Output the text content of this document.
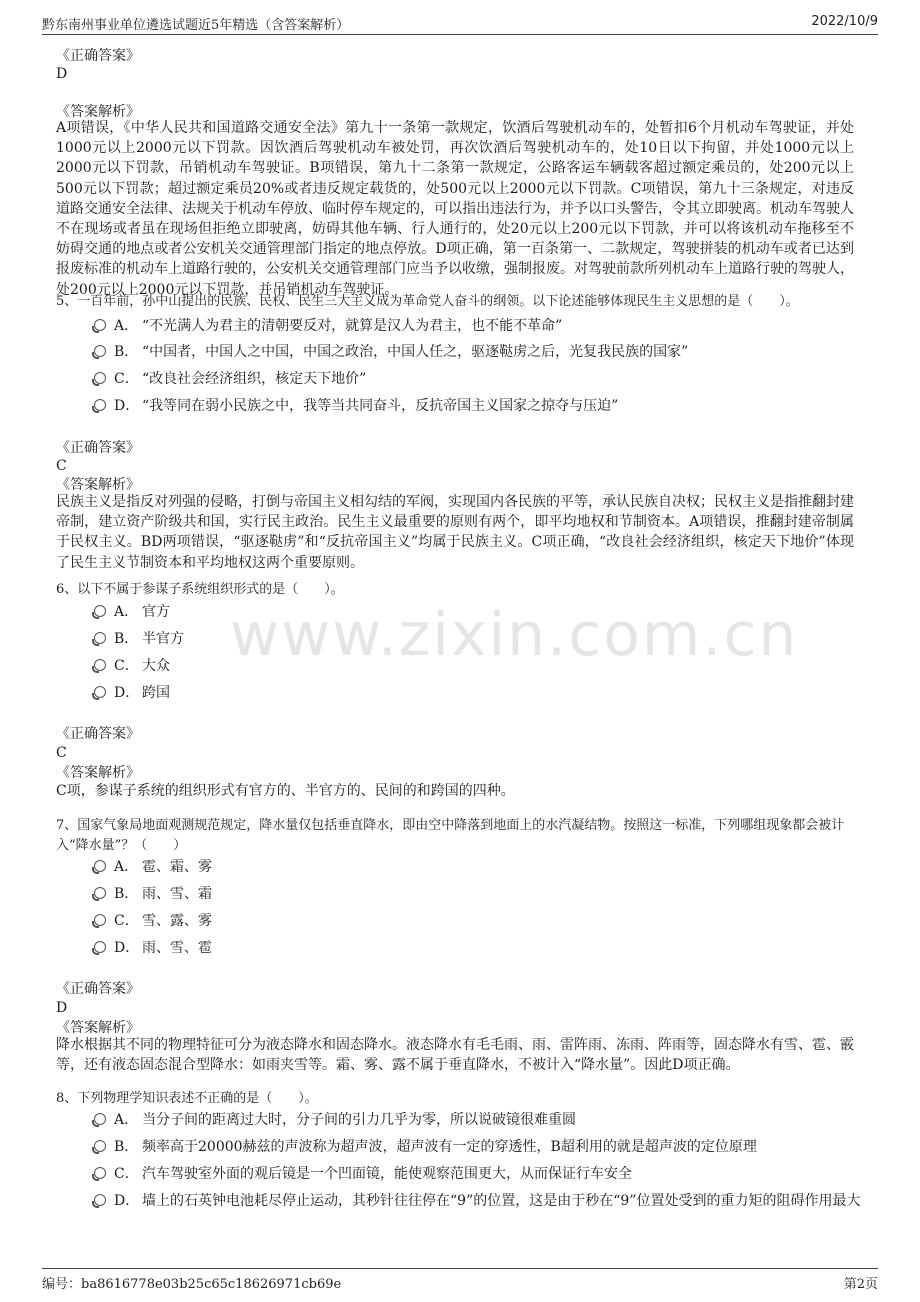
黔东南州事业单位遴选试题近5年精选（含答案解析）	2022/10/9
www.zixin.com.cn
《正确答案》
D
《答案解析》
A项错误，《中华人民共和国道路交通安全法》第九十一条第一款规定，饮酒后驾驶机动车的，处暂扣6个月机动车驾驶证，并处1000元以上2000元以下罚款。因饮酒后驾驶机动车被处罚，再次饮酒后驾驶机动车的，处10日以下拘留，并处1000元以上2000元以下罚款，吊销机动车驾驶证。B项错误，第九十二条第一款规定，公路客运车辆载客超过额定乘员的，处200元以上500元以下罚款；超过额定乘员20%或者违反规定载货的，处500元以上2000元以下罚款。C项错误，第九十三条规定，对违反道路交通安全法律、法规关于机动车停放、临时停车规定的，可以指出违法行为，并予以口头警告，令其立即驶离。机动车驾驶人不在现场或者虽在现场但拒绝立即驶离，妨碍其他车辆、行人通行的，处20元以上200元以下罚款，并可以将该机动车拖移至不妨碍交通的地点或者公安机关交通管理部门指定的地点停放。D项正确，第一百条第一、二款规定，驾驶拼装的机动车或者已达到报废标准的机动车上道路行驶的，公安机关交通管理部门应当予以收缴，强制报废。对驾驶前款所列机动车上道路行驶的驾驶人，处200元以上2000元以下罚款，并吊销机动车驾驶证。
5、一百年前，孙中山提出的民族、民权、民生三大主义成为革命党人奋斗的纲领。以下论述能够体现民生主义思想的是（　　）。
A． “不光满人为君主的清朝要反对，就算是汉人为君主，也不能不革命”
B． “中国者，中国人之中国，中国之政治，中国人任之，驱逐鞑虏之后，光复我民族的国家”
C． “改良社会经济组织，核定天下地价”
D． “我等同在弱小民族之中，我等当共同奋斗，反抗帝国主义国家之掠夺与压迫”
《正确答案》
C
《答案解析》
民族主义是指反对列强的侵略，打倒与帝国主义相勾结的军阀，实现国内各民族的平等，承认民族自决权；民权主义是指推翻封建帝制，建立资产阶级共和国，实行民主政治。民生主义最重要的原则有两个，即平均地权和节制资本。A项错误，推翻封建帝制属于民权主义。BD两项错误，“驱逐鞑虏”和“反抗帝国主义”均属于民族主义。C项正确，“改良社会经济组织，核定天下地价”体现了民生主义节制资本和平均地权这两个重要原则。
6、以下不属于参谋子系统组织形式的是（　　）。
A． 官方
B． 半官方
C． 大众
D． 跨国
《正确答案》
C
《答案解析》
C项，参谋子系统的组织形式有官方的、半官方的、民间的和跨国的四种。
7、国家气象局地面观测规范规定，降水量仅包括垂直降水，即由空中降落到地面上的水汽凝结物。按照这一标准，下列哪组现象都会被计入“降水量”？（　　）
A． 雹、霜、雾
B． 雨、雪、霜
C． 雪、露、雾
D． 雨、雪、雹
《正确答案》
D
《答案解析》
降水根据其不同的物理特征可分为液态降水和固态降水。液态降水有毛毛雨、雨、雷阵雨、冻雨、阵雨等，固态降水有雪、雹、霰等，还有液态固态混合型降水：如雨夹雪等。霜、雾、露不属于垂直降水，不被计入“降水量”。因此D项正确。
8、下列物理学知识表述不正确的是（　　）。
A． 当分子间的距离过大时，分子间的引力几乎为零，所以说破镜很难重圆
B． 频率高于20000赫兹的声波称为超声波，超声波有一定的穿透性，B超利用的就是超声波的定位原理
C． 汽车驾驶室外面的观后镜是一个凹面镜，能使观察范围更大，从而保证行车安全
D． 墙上的石英钟电池耗尽停止运动，其秒针往往停在“9”的位置，这是由于秒在“9”位置处受到的重力矩的阻碍作用最大
编号：ba8616778e03b25c65c18626971cb69e	第2页
